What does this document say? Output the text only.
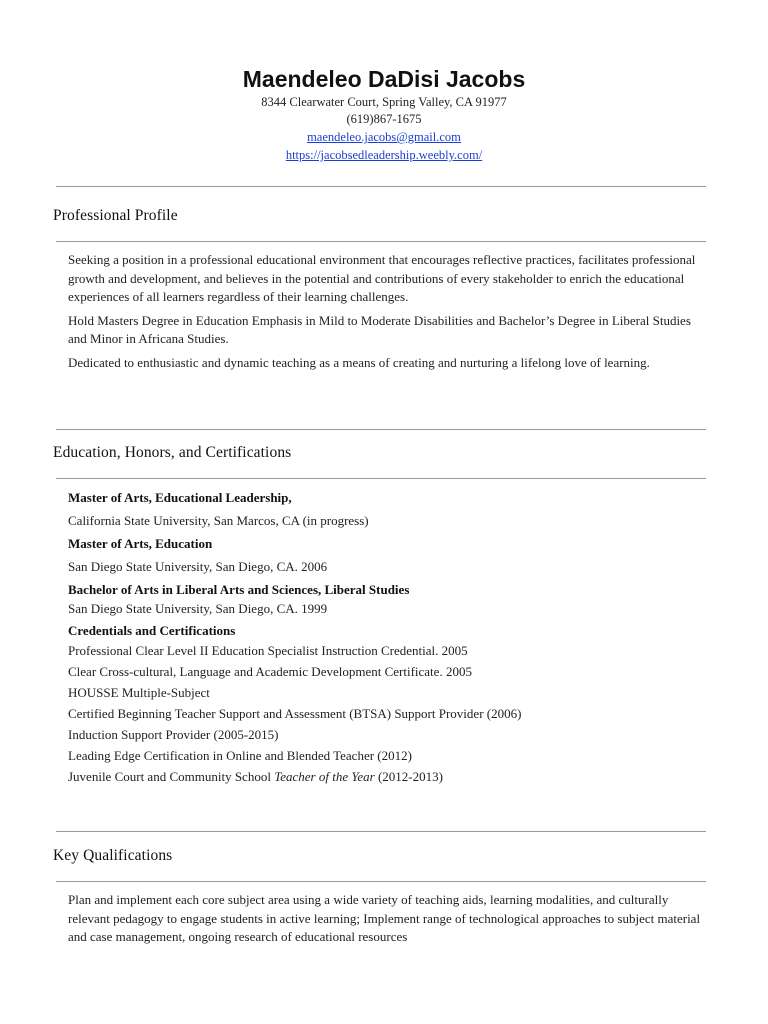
Maendeleo DaDisi Jacobs
8344 Clearwater Court, Spring Valley, CA 91977
(619)867-1675
maendeleo.jacobs@gmail.com
https://jacobsedleadership.weebly.com/
Professional Profile

Seeking a position in a professional educational environment that encourages reflective practices, facilitates professional growth and development, and believes in the potential and contributions of every stakeholder to enrich the educational experiences of all learners regardless of their learning challenges.

Hold Masters Degree in Education Emphasis in Mild to Moderate Disabilities and Bachelor’s Degree in Liberal Studies and Minor in Africana Studies.

Dedicated to enthusiastic and dynamic teaching as a means of creating and nurturing a lifelong love of learning.

Education, Honors, and Certifications
Master of Arts, Educational Leadership,
California State University, San Marcos, CA (in progress)
Master of Arts, Education
San Diego State University, San Diego, CA. 2006
Bachelor of Arts in Liberal Arts and Sciences, Liberal Studies
San Diego State University, San Diego, CA. 1999
Credentials and Certifications
Professional Clear Level II Education Specialist Instruction Credential. 2005
Clear Cross-cultural, Language and Academic Development Certificate. 2005
HOUSSE Multiple-Subject
Certified Beginning Teacher Support and Assessment (BTSA) Support Provider (2006)
Induction Support Provider (2005-2015)
Leading Edge Certification in Online and Blended Teacher (2012)
Juvenile Court and Community School Teacher of the Year (2012-2013)
Key Qualifications

Plan and implement each core subject area using a wide variety of teaching aids, learning modalities, and culturally relevant pedagogy to engage students in active learning; Implement range of technological approaches to subject material and case management, ongoing research of educational resources
